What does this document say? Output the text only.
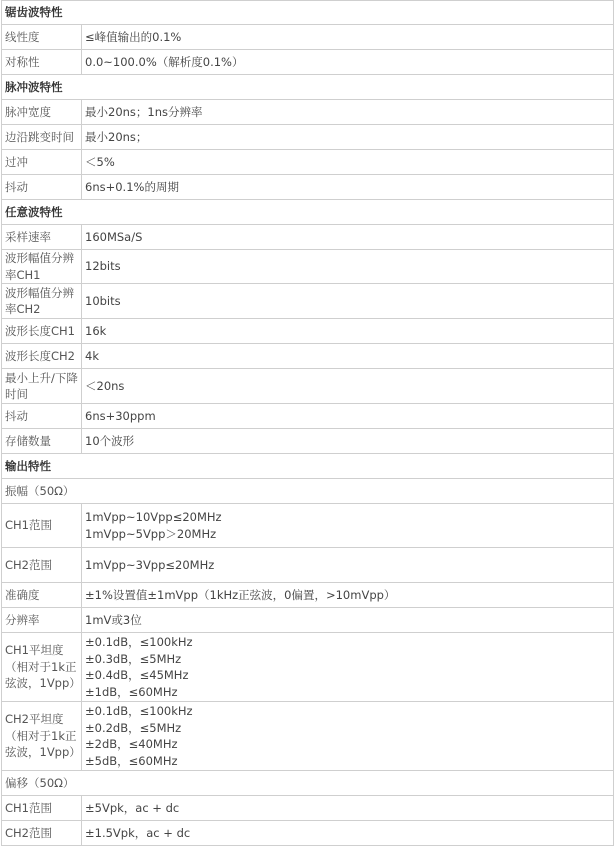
锯齿波特性	
线性度	≤峰值输出的0.1%

对称性	0.0~100.0%（解析度0.1%）

脉冲波特性	
脉冲宽度	最小20ns；1ns分辨率

边沿跳变时间	最小20ns；

过冲	＜5%

抖动	6ns+0.1%的周期

任意波特性	
采样速率	160MSa/S

波形幅值分辨率CH1	12bits

波形幅值分辨率CH2	10bits

波形长度CH1	16k

波形长度CH2	4k

最小上升/下降时间	＜20ns

抖动	6ns+30ppm

存储数量	10个波形

输出特性	
振幅（50Ω）	
CH1范围	1mVpp~10Vpp≤20MHz
1mVpp~5Vpp＞20MHz

CH2范围	1mVpp~3Vpp≤20MHz

准确度	±1%设置值±1mVpp（1kHz正弦波，0偏置，>10mVpp）

分辨率	1mV或3位

CH1平坦度（相对于1k正弦波，1Vpp）	±0.1dB，≤100kHz
±0.3dB，≤5MHz
±0.4dB，≤45MHz
±1dB，≤60MHz

CH2平坦度（相对于1k正弦波，1Vpp）	±0.1dB，≤100kHz
±0.2dB，≤5MHz
±2dB，≤40MHz
±5dB，≤60MHz

偏移（50Ω）	
CH1范围	±5Vpk，ac + dc

CH2范围	±1.5Vpk，ac + dc
